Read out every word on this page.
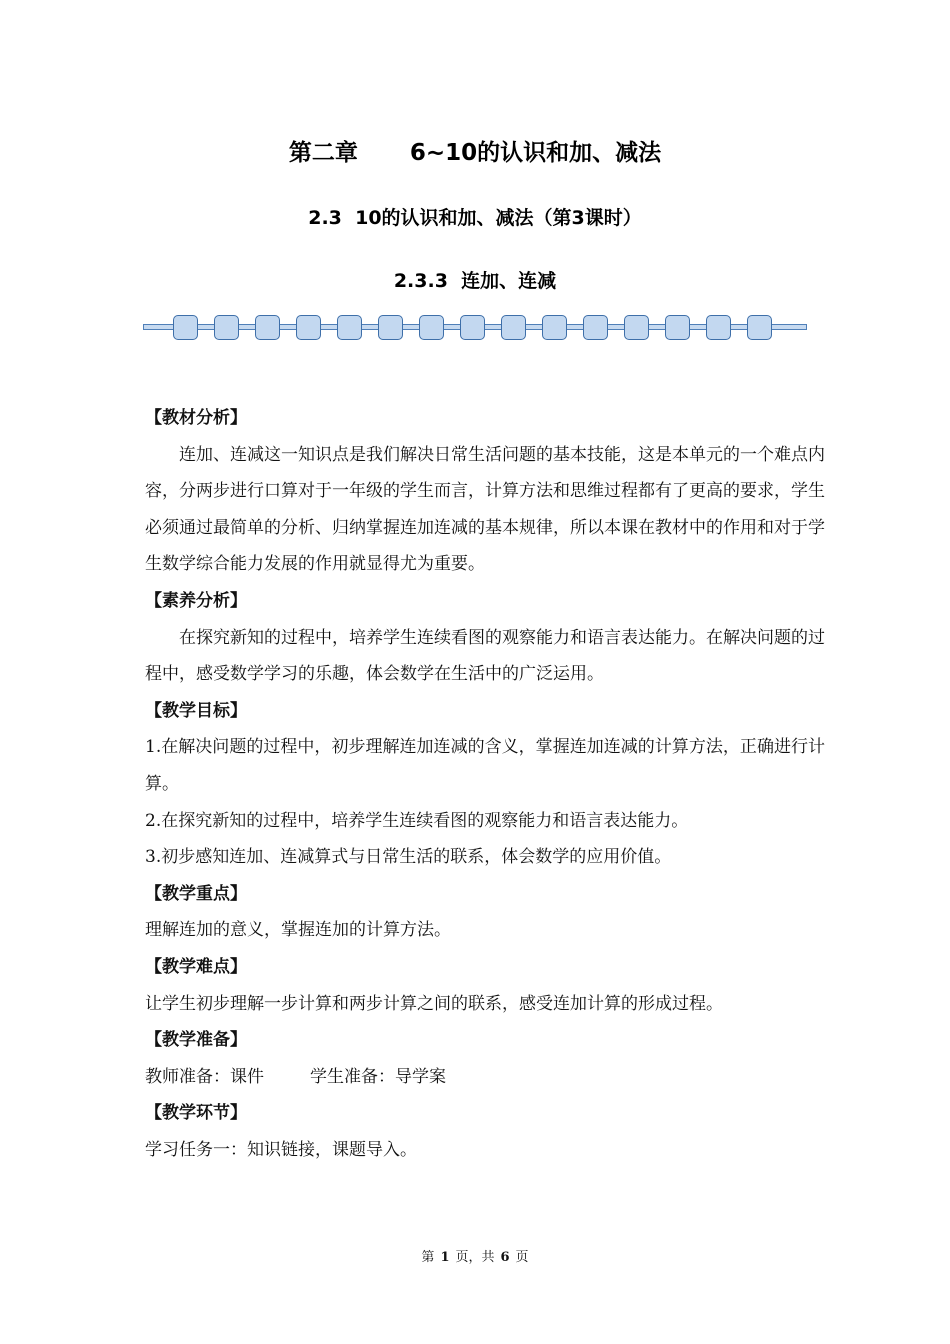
第二章 6~10的认识和加、减法
2.3  10的认识和加、减法（第3课时）
2.3.3  连加、连减

【教材分析】

连加、连减这一知识点是我们解决日常生活问题的基本技能，这是本单元的一个难点内容，分两步进行口算对于一年级的学生而言，计算方法和思维过程都有了更高的要求，学生必须通过最简单的分析、归纳掌握连加连减的基本规律，所以本课在教材中的作用和对于学生数学综合能力发展的作用就显得尤为重要。

【素养分析】

在探究新知的过程中，培养学生连续看图的观察能力和语言表达能力。在解决问题的过程中，感受数学学习的乐趣，体会数学在生活中的广泛运用。

【教学目标】

1.在解决问题的过程中，初步理解连加连减的含义，掌握连加连减的计算方法，正确进行计算。

2.在探究新知的过程中，培养学生连续看图的观察能力和语言表达能力。

3.初步感知连加、连减算式与日常生活的联系，体会数学的应用价值。

【教学重点】

理解连加的意义，掌握连加的计算方法。

【教学难点】

让学生初步理解一步计算和两步计算之间的联系，感受连加计算的形成过程。

【教学准备】

教师准备：课件	学生准备：导学案

【教学环节】

学习任务一：知识链接，课题导入。

第 1 页，共 6 页
